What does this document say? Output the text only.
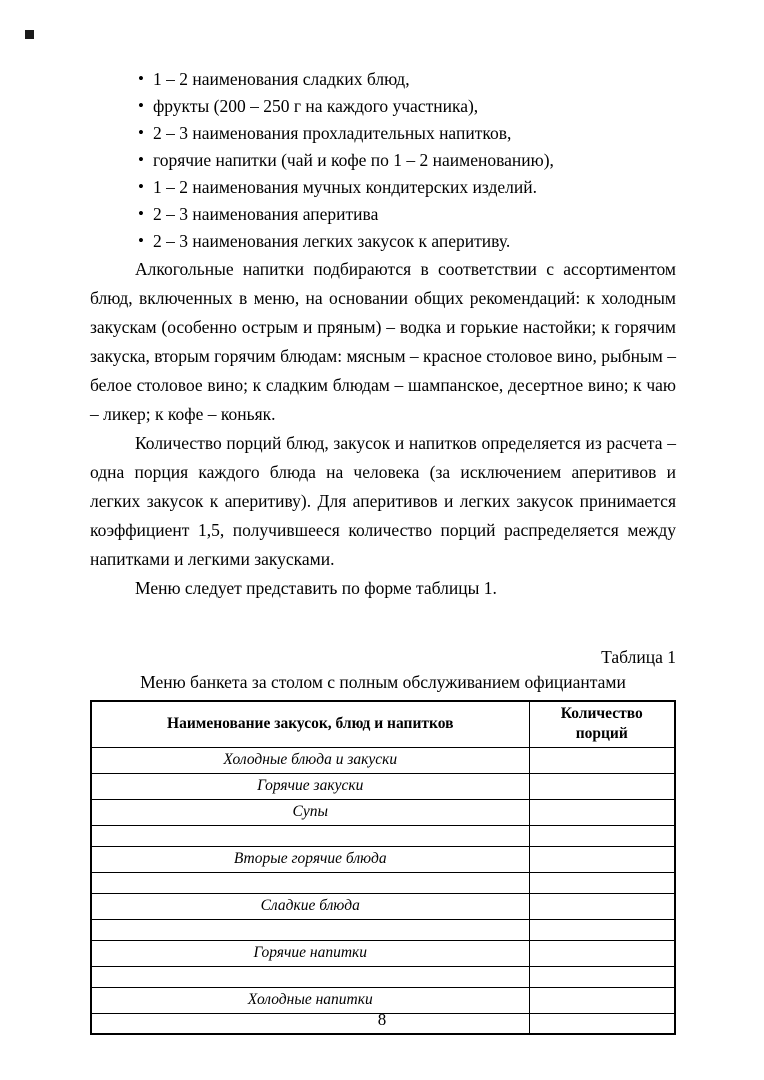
• 1 – 2 наименования сладких блюд,
• фрукты (200 – 250 г на каждого участника),
• 2 – 3 наименования прохладительных напитков,
• горячие напитки (чай и кофе по 1 – 2 наименованию),
• 1 – 2 наименования мучных кондитерских изделий.
• 2 – 3 наименования аперитива
• 2 – 3 наименования легких закусок к аперитиву.

Алкогольные напитки подбираются в соответствии с ассортиментом блюд, включенных в меню, на основании общих рекомендаций: к холодным закускам (особенно острым и пряным) – водка и горькие настойки; к горячим закуска, вторым горячим блюдам: мясным – красное столовое вино, рыбным – белое столовое вино; к сладким блюдам – шампанское, десертное вино; к чаю – ликер; к кофе – коньяк.

Количество порций блюд, закусок и напитков определяется из расчета – одна порция каждого блюда на человека (за исключением аперитивов и легких закусок к аперитиву). Для аперитивов и легких закусок принимается коэффициент 1,5, получившееся количество порций распределяется между напитками и легкими закусками.

Меню следует представить по форме таблицы 1.

Таблица 1
Меню банкета за столом с полным обслуживанием официантами
Наименование закусок, блюд и напитков	Количество порций
Холодные блюда и закуски	
Горячие закуски	
Супы	

Вторые горячие блюда	

Сладкие блюда	

Горячие напитки	

Холодные напитки	

8
